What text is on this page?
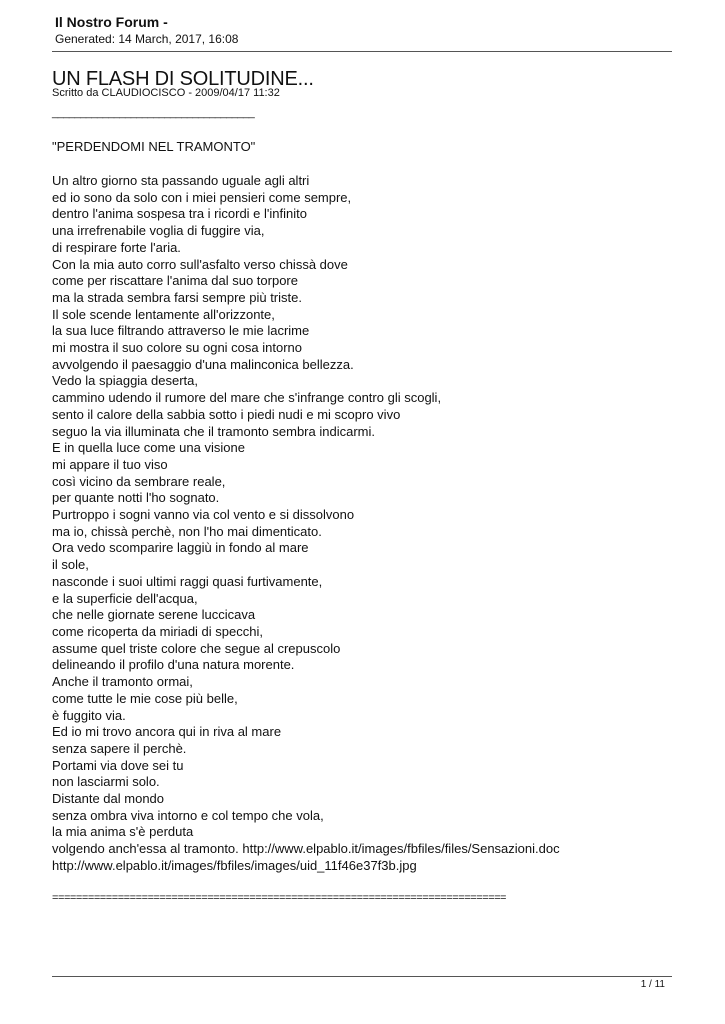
Il Nostro Forum -
Generated: 14 March, 2017, 16:08
UN FLASH DI SOLITUDINE...
Scritto da CLAUDIOCISCO - 2009/04/17 11:32
____________________________________
"PERDENDOMI NEL TRAMONTO"
Un altro giorno sta passando uguale agli altri
ed io sono da solo con i miei pensieri come sempre,
dentro l'anima sospesa tra i ricordi e l'infinito
una irrefrenabile voglia di fuggire via,
di respirare forte l'aria.
Con la mia auto corro sull'asfalto verso chissà dove
come per riscattare l'anima dal suo torpore
ma la strada sembra farsi sempre più triste.
Il sole scende lentamente all'orizzonte,
la sua luce filtrando attraverso le mie lacrime
mi mostra il suo colore su ogni cosa intorno
avvolgendo il paesaggio d'una malinconica bellezza.
Vedo la spiaggia deserta,
cammino udendo il rumore del mare che s'infrange contro gli scogli,
sento il calore della sabbia sotto i piedi nudi e mi scopro vivo
seguo la via illuminata che il tramonto sembra indicarmi.
E in quella luce come una visione
mi appare il tuo viso
così vicino da sembrare reale,
per quante notti l'ho sognato.
Purtroppo i sogni vanno via col vento e si dissolvono
ma io, chissà perchè, non l'ho mai dimenticato.
Ora vedo scomparire laggiù in fondo al mare
il sole,
nasconde i suoi ultimi raggi quasi furtivamente,
e la superficie dell'acqua,
che nelle giornate serene luccicava
come ricoperta da miriadi di specchi,
assume quel triste colore che segue al crepuscolo
delineando il profilo d'una natura morente.
Anche il tramonto ormai,
come tutte le mie cose più belle,
è fuggito via.
Ed io mi trovo ancora qui in riva al mare
senza sapere il perchè.
Portami via dove sei tu
non lasciarmi solo.
Distante dal mondo
senza ombra viva intorno e col tempo che vola,
la mia anima s'è perduta
volgendo anch'essa al tramonto. http://www.elpablo.it/images/fbfiles/files/Sensazioni.doc
http://www.elpablo.it/images/fbfiles/images/uid_11f46e37f3b.jpg
============================================================================
1 / 11
